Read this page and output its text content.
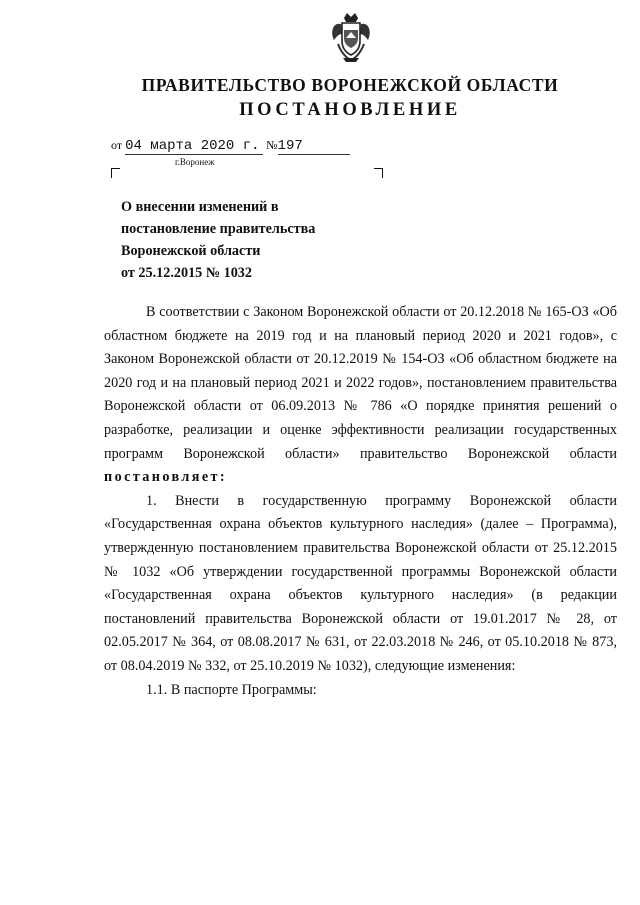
ПРАВИТЕЛЬСТВО ВОРОНЕЖСКОЙ ОБЛАСТИ
ПОСТАНОВЛЕНИЕ
от 04 марта 2020 г. №197
г.Воронеж
О внесении изменений в
постановление правительства
Воронежской области
от 25.12.2015 № 1032

В соответствии с Законом Воронежской области от 20.12.2018 № 165-ОЗ «Об областном бюджете на 2019 год и на плановый период 2020 и 2021 годов», с Законом Воронежской области от 20.12.2019 № 154-ОЗ «Об областном бюджете на 2020 год и на плановый период 2021 и 2022 годов», постановлением правительства Воронежской области от 06.09.2013 № 786 «О порядке принятия решений о разработке, реализации и оценке эффективности реализации государственных программ Воронежской области» правительство Воронежской области постановляет:

1. Внести в государственную программу Воронежской области «Государственная охрана объектов культурного наследия» (далее – Программа), утвержденную постановлением правительства Воронежской области от 25.12.2015 № 1032 «Об утверждении государственной программы Воронежской области «Государственная охрана объектов культурного наследия» (в редакции постановлений правительства Воронежской области от 19.01.2017 № 28, от 02.05.2017 № 364, от 08.08.2017 № 631, от 22.03.2018 № 246, от 05.10.2018 № 873, от 08.04.2019 № 332, от 25.10.2019 № 1032), следующие изменения:

1.1. В паспорте Программы:
